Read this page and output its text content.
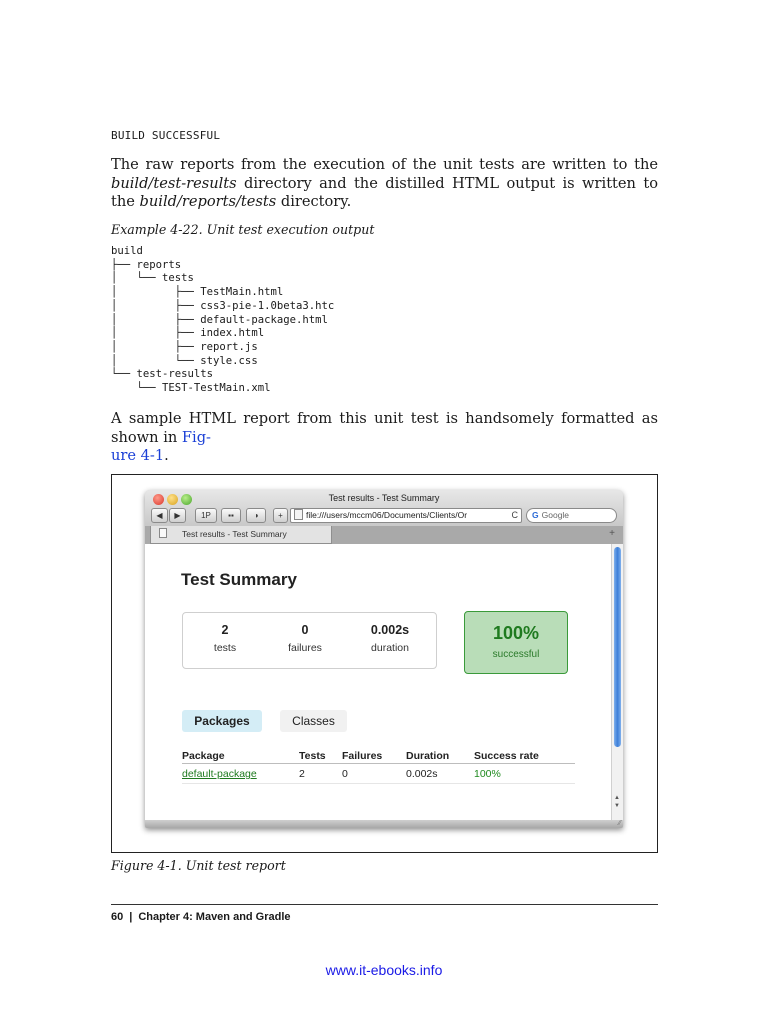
BUILD SUCCESSFUL

The raw reports from the execution of the unit tests are written to the build/test-results directory and the distilled HTML output is written to the build/reports/tests directory.

Example 4-22. Unit test execution output
build
├── reports
│   └── tests
│         ├── TestMain.html
│         ├── css3-pie-1.0beta3.htc
│         ├── default-package.html
│         ├── index.html
│         ├── report.js
│         └── style.css
└── test-results
└── TEST-TestMain.xml

A sample HTML report from this unit test is handsomely formatted as shown in Fig-
ure 4-1.

Test results - Test Summary
◀	▶	1P	▪▪	◑	+	file:///users/mccm06/Documents/Clients/Or	C	G Google
Test results - Test Summary	+
Test Summary
2
tests
0
failures
0.002s
duration
100%
successful
Packages	Classes
Package	Tests	Failures	Duration	Success rate
default-package	2	0	0.002s	100%
▲
▼
⁄⁄
Figure 4-1. Unit test report
60 | Chapter 4: Maven and Gradle
www.it-ebooks.info
